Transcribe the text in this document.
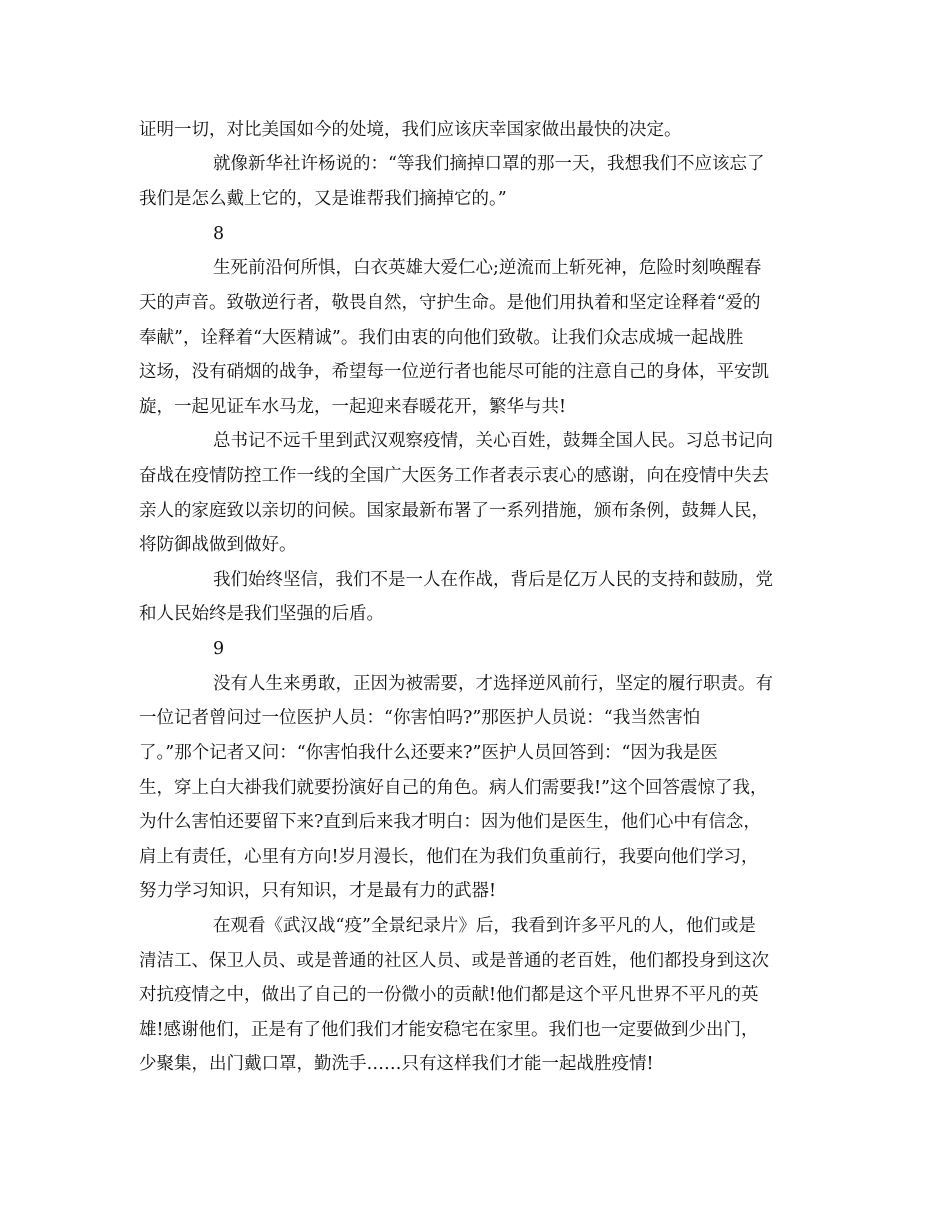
证明一切，对比美国如今的处境，我们应该庆幸国家做出最快的决定。
就像新华社许杨说的：“等我们摘掉口罩的那一天，我想我们不应该忘了
我们是怎么戴上它的，又是谁帮我们摘掉它的。”
8
生死前沿何所惧，白衣英雄大爱仁心;逆流而上斩死神，危险时刻唤醒春
天的声音。致敬逆行者，敬畏自然，守护生命。是他们用执着和坚定诠释着“爱的
奉献”，诠释着“大医精诚”。我们由衷的向他们致敬。让我们众志成城一起战胜
这场，没有硝烟的战争，希望每一位逆行者也能尽可能的注意自己的身体，平安凯
旋，一起见证车水马龙，一起迎来春暖花开，繁华与共!
总书记不远千里到武汉观察疫情，关心百姓，鼓舞全国人民。习总书记向
奋战在疫情防控工作一线的全国广大医务工作者表示衷心的感谢，向在疫情中失去
亲人的家庭致以亲切的问候。国家最新布署了一系列措施，颁布条例，鼓舞人民，
将防御战做到做好。
我们始终坚信，我们不是一人在作战，背后是亿万人民的支持和鼓励，党
和人民始终是我们坚强的后盾。
9
没有人生来勇敢，正因为被需要，才选择逆风前行，坚定的履行职责。有
一位记者曾问过一位医护人员：“你害怕吗?”那医护人员说：“我当然害怕
了。”那个记者又问：“你害怕我什么还要来?”医护人员回答到：“因为我是医
生，穿上白大褂我们就要扮演好自己的角色。病人们需要我!”这个回答震惊了我，
为什么害怕还要留下来?直到后来我才明白：因为他们是医生，他们心中有信念，
肩上有责任，心里有方向!岁月漫长，他们在为我们负重前行，我要向他们学习，
努力学习知识，只有知识，才是最有力的武器!
在观看《武汉战“疫”全景纪录片》后，我看到许多平凡的人，他们或是
清洁工、保卫人员、或是普通的社区人员、或是普通的老百姓，他们都投身到这次
对抗疫情之中，做出了自己的一份微小的贡献!他们都是这个平凡世界不平凡的英
雄!感谢他们，正是有了他们我们才能安稳宅在家里。我们也一定要做到少出门，
少聚集，出门戴口罩，勤洗手……只有这样我们才能一起战胜疫情!
